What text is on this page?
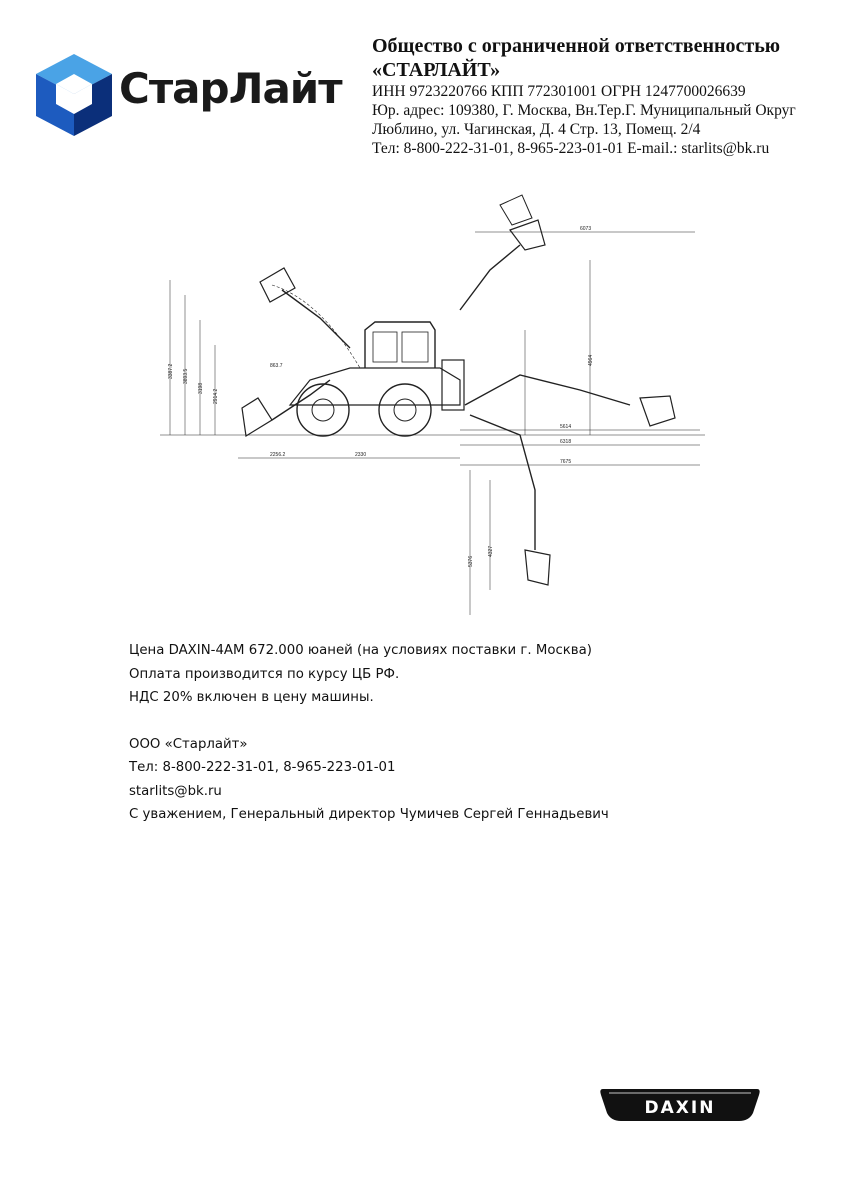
СтарЛайт
Общество с ограниченной ответственностью
«СТАРЛАЙТ»
ИНН 9723220766 КПП 772301001 ОГРН 1247700026639
Юр. адрес: 109380, Г. Москва, Вн.Тер.Г. Муниципальный Округ
Люблино, ул. Чагинская, Д. 4 Стр. 13, Помещ. 2/4
Тел: 8-800-222-31-01, 8-965-223-01-01 E-mail.: starlits@bk.ru
6073
3387.2 3893.5
3198
2914.2
863.7
2256.2	2330
5614
6318
7675
5376
4327
4964

Цена DAXIN-4AM 672.000 юаней (на условиях поставки г. Москва)

Оплата производится по курсу ЦБ РФ.

НДС 20% включен в цену машины.

ООО «Старлайт»

Тел: 8-800-222-31-01, 8-965-223-01-01

starlits@bk.ru

С уважением, Генеральный директор Чумичев Сергей Геннадьевич

DAXIN
